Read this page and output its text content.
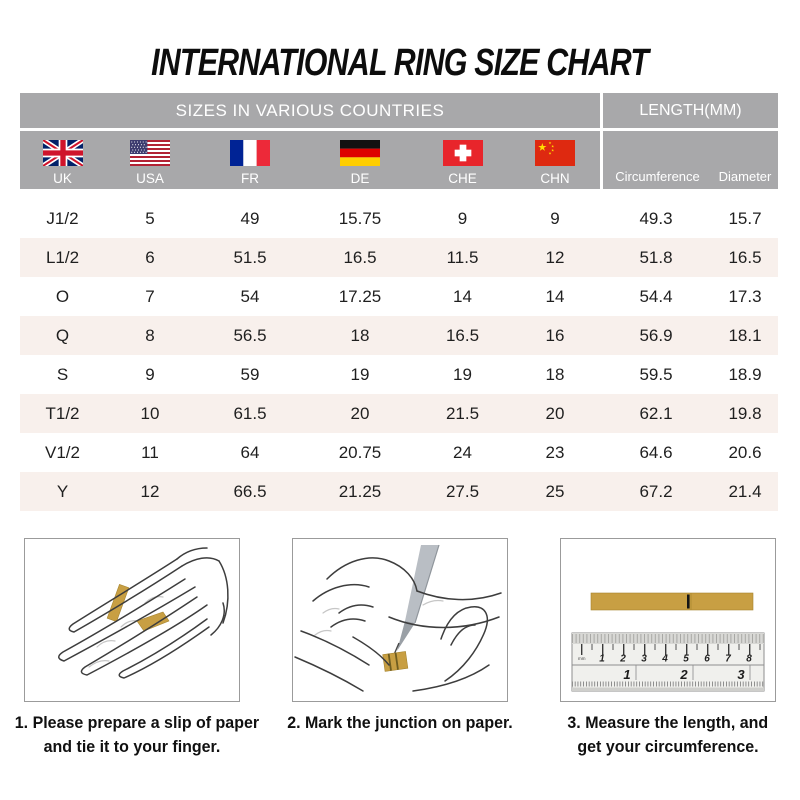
INTERNATIONAL RING SIZE CHART
SIZES IN VARIOUS COUNTRIES	LENGTH(MM)
UK	USA	FR	DE	CHE	CHN	Circumference	Diameter
J1/2	5	49	15.75	9	9	49.3	15.7
L1/2	6	51.5	16.5	11.5	12	51.8	16.5
O	7	54	17.25	14	14	54.4	17.3
Q	8	56.5	18	16.5	16	56.9	18.1
S	9	59	19	19	18	59.5	18.9
T1/2	10	61.5	20	21.5	20	62.1	19.8
V1/2	11	64	20.75	24	23	64.6	20.6
Y	12	66.5	21.25	27.5	25	67.2	21.4
1 2 3 4 5 6 7 8
mm
1	2	3
1. Please prepare a slip of paper
and tie it to your finger.
2. Mark the junction on paper.	3. Measure the length, and
get your circumference.
